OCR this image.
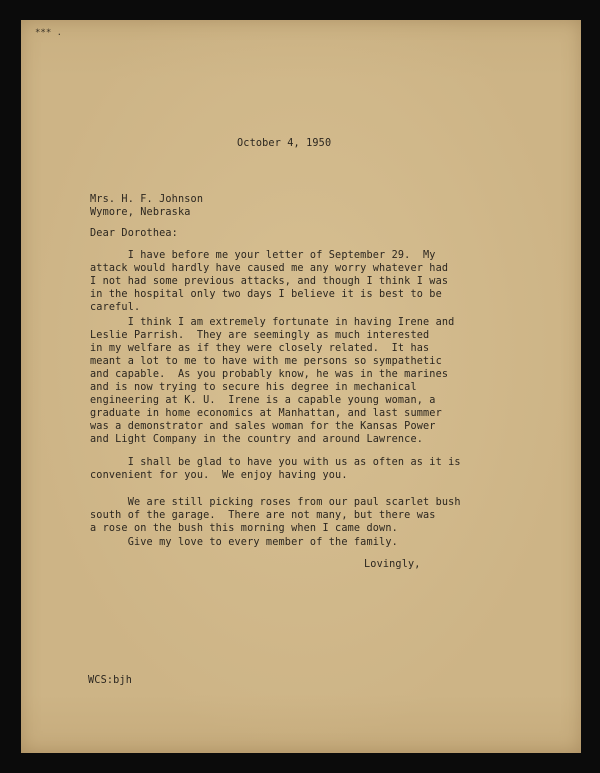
*** .
October 4, 1950
Mrs. H. F. Johnson
Wymore, Nebraska
Dear Dorothea:
I have before me your letter of September 29.  My
attack would hardly have caused me any worry whatever had
I not had some previous attacks, and though I think I was
in the hospital only two days I believe it is best to be
careful.
I think I am extremely fortunate in having Irene and
Leslie Parrish.  They are seemingly as much interested
in my welfare as if they were closely related.  It has
meant a lot to me to have with me persons so sympathetic
and capable.  As you probably know, he was in the marines
and is now trying to secure his degree in mechanical
engineering at K. U.  Irene is a capable young woman, a
graduate in home economics at Manhattan, and last summer
was a demonstrator and sales woman for the Kansas Power
and Light Company in the country and around Lawrence.
I shall be glad to have you with us as often as it is
convenient for you.  We enjoy having you.
We are still picking roses from our paul scarlet bush
south of the garage.  There are not many, but there was
a rose on the bush this morning when I came down.
Give my love to every member of the family.
Lovingly,
WCS:bjh
